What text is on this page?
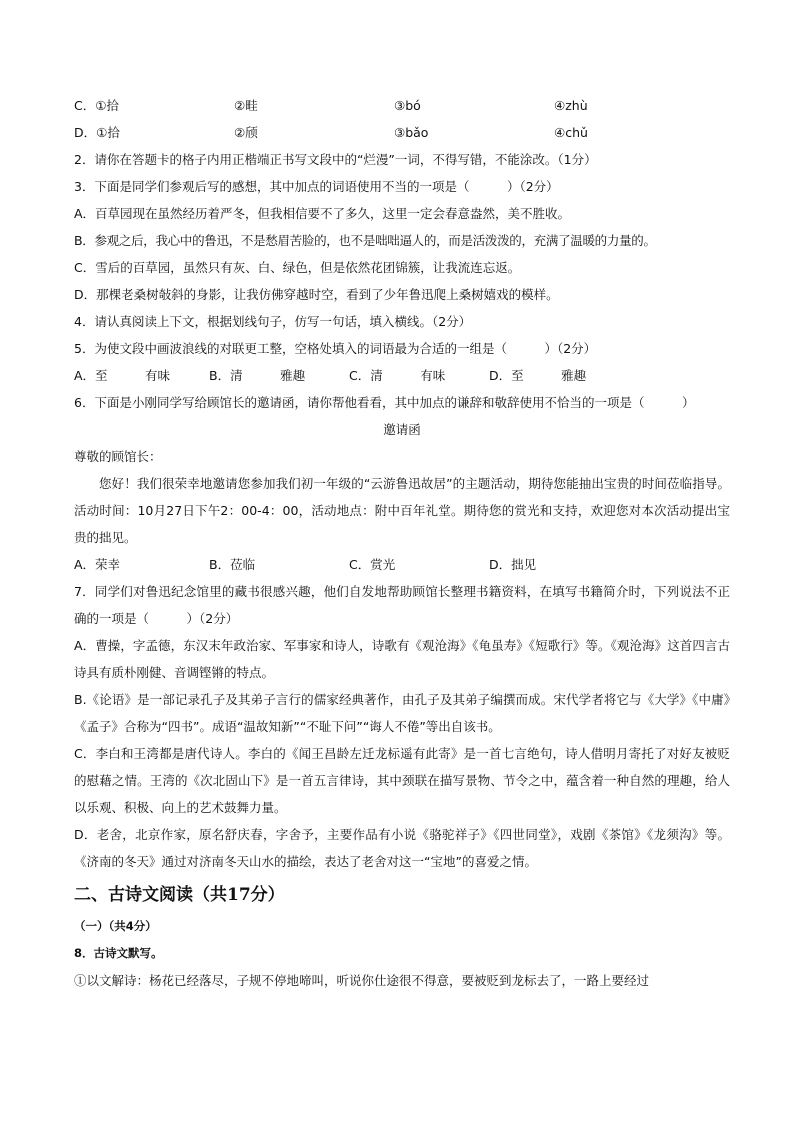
C．①拾	②畦	③bó	④zhù
D．①拾	②颀	③bǎo	④chǔ
2．请你在答题卡的格子内用正楷端正书写文段中的“烂漫”一词，不得写错，不能涂改。（1分）
3．下面是同学们参观后写的感想，其中加点的词语使用不当的一项是（　　　）（2分）
A．百草园现在虽然经历着严冬，但我相信要不了多久，这里一定会春意盎然，美不胜收。
B．参观之后，我心中的鲁迅，不是愁眉苦脸的，也不是咄咄逼人的，而是活泼泼的，充满了温暖的力量的。
C．雪后的百草园，虽然只有灰、白、绿色，但是依然花团锦簇，让我流连忘返。
D．那棵老桑树敧斜的身影，让我仿佛穿越时空，看到了少年鲁迅爬上桑树嬉戏的模样。
4．请认真阅读上下文，根据划线句子，仿写一句话，填入横线。（2分）
5．为使文段中画波浪线的对联更工整，空格处填入的词语最为合适的一组是（　　　）（2分）
A．至　　　有味	B．清　　　雅趣	C．清　　　有味	D．至　　　雅趣
6．下面是小刚同学写给顾馆长的邀请函，请你帮他看看，其中加点的谦辞和敬辞使用不恰当的一项是（　　　）
邀请函
尊敬的顾馆长：
您好！我们很荣幸地邀请您参加我们初一年级的“云游鲁迅故居”的主题活动，期待您能抽出宝贵的时间莅临指导。活动时间：10月27日下午2：00-4：00，活动地点：附中百年礼堂。期待您的赏光和支持，欢迎您对本次活动提出宝贵的拙见。
A．荣幸	B．莅临	C．赏光	D．拙见
7．同学们对鲁迅纪念馆里的藏书很感兴趣，他们自发地帮助顾馆长整理书籍资料，在填写书籍简介时，下列说法不正确的一项是（　　　）（2分）
A．曹操，字孟德，东汉末年政治家、军事家和诗人，诗歌有《观沧海》《龟虽寿》《短歌行》等。《观沧海》这首四言古诗具有质朴刚健、音调铿锵的特点。
B.《论语》是一部记录孔子及其弟子言行的儒家经典著作，由孔子及其弟子编撰而成。宋代学者将它与《大学》《中庸》《孟子》合称为“四书”。成语“温故知新”“不耻下问”“诲人不倦”等出自该书。
C．李白和王湾都是唐代诗人。李白的《闻王昌龄左迁龙标遥有此寄》是一首七言绝句，诗人借明月寄托了对好友被贬的慰藉之情。王湾的《次北固山下》是一首五言律诗，其中颈联在描写景物、节令之中，蕴含着一种自然的理趣，给人以乐观、积极、向上的艺术鼓舞力量。
D．老舍，北京作家，原名舒庆春，字舍予，主要作品有小说《骆驼祥子》《四世同堂》，戏剧《茶馆》《龙须沟》等。《济南的冬天》通过对济南冬天山水的描绘，表达了老舍对这一“宝地”的喜爱之情。
二、古诗文阅读（共17分）
（一）（共4分）
8．古诗文默写。
①以文解诗：杨花已经落尽，子规不停地啼叫，听说你仕途很不得意，要被贬到龙标去了，一路上要经过
